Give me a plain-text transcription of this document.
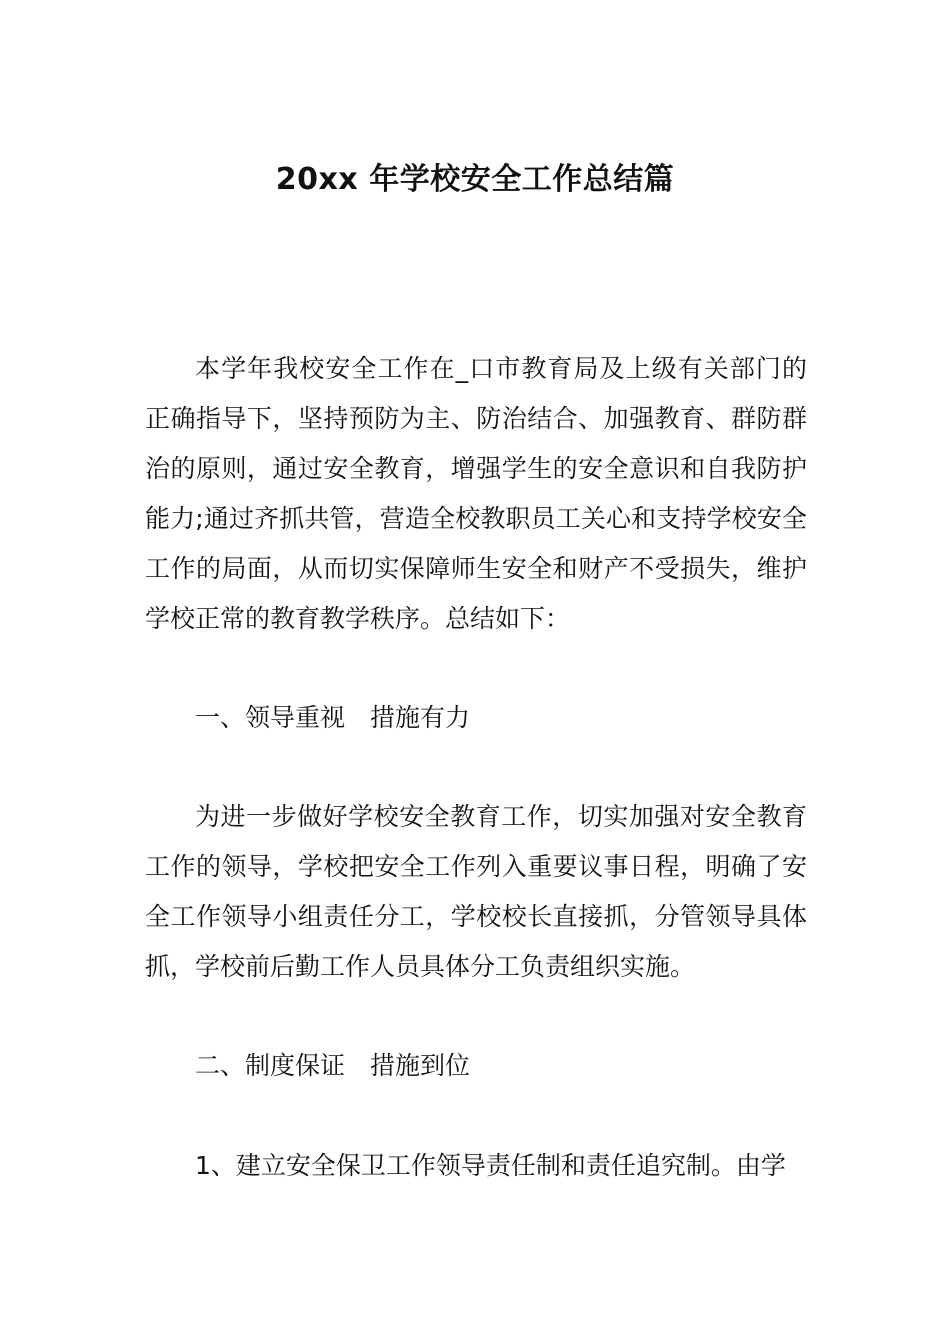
20xx 年学校安全工作总结篇

本学年我校安全工作在_口市教育局及上级有关部门的正确指导下，坚持预防为主、防治结合、加强教育、群防群治的原则，通过安全教育，增强学生的安全意识和自我防护能力;通过齐抓共管，营造全校教职员工关心和支持学校安全工作的局面，从而切实保障师生安全和财产不受损失，维护学校正常的教育教学秩序。总结如下：

一、领导重视　措施有力

为进一步做好学校安全教育工作，切实加强对安全教育工作的领导，学校把安全工作列入重要议事日程，明确了安全工作领导小组责任分工，学校校长直接抓，分管领导具体抓，学校前后勤工作人员具体分工负责组织实施。

二、制度保证　措施到位

1、建立安全保卫工作领导责任制和责任追究制。由学
